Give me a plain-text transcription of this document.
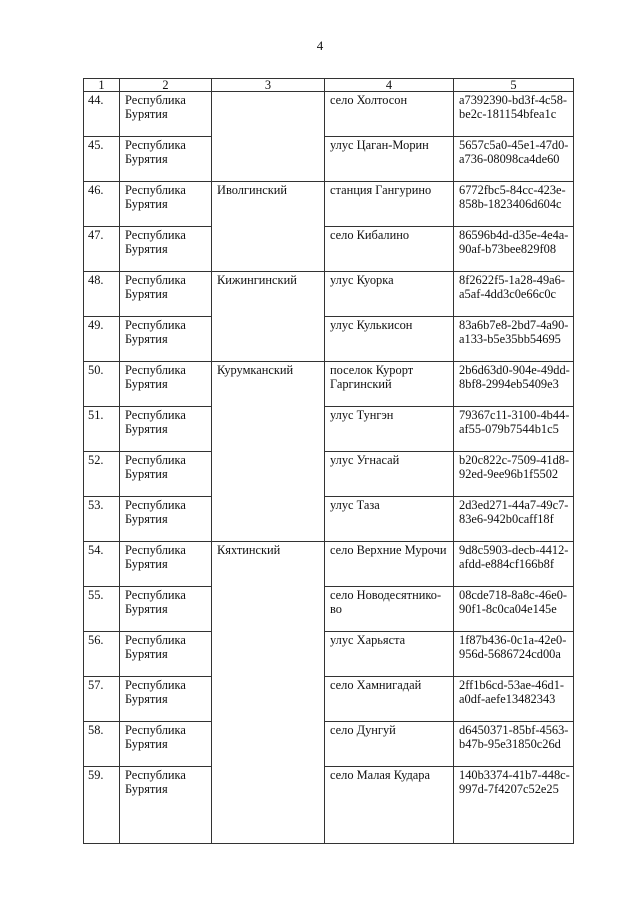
4
1	2	3	4	5
44.	Республика Бурятия		село Холтосон	a7392390-bd3f-4c58-be2c-181154bfea1c
45.	Республика Бурятия		улус Цаган-Морин	5657c5a0-45e1-47d0-a736-08098ca4de60
46.	Республика Бурятия	Иволгинский	станция Гангурино	6772fbc5-84cc-423e-858b-1823406d604c
47.	Республика Бурятия		село Кибалино	86596b4d-d35e-4e4a-90af-b73bee829f08
48.	Республика Бурятия	Кижингинский	улус Куорка	8f2622f5-1a28-49a6-a5af-4dd3c0e66c0c
49.	Республика Бурятия		улус Кулькисон	83a6b7e8-2bd7-4a90-a133-b5e35bb54695
50.	Республика Бурятия	Курумканский	поселок Курорт Гаргинский	2b6d63d0-904e-49dd-8bf8-2994eb5409e3
51.	Республика Бурятия		улус Тунгэн	79367c11-3100-4b44-af55-079b7544b1c5
52.	Республика Бурятия		улус Угнасай	b20c822c-7509-41d8-92ed-9ee96b1f5502
53.	Республика Бурятия		улус Таза	2d3ed271-44a7-49c7-83e6-942b0caff18f
54.	Республика Бурятия	Кяхтинский	село Верхние Мурочи	9d8c5903-decb-4412-afdd-e884cf166b8f
55.	Республика Бурятия		село Новодесятнико-во	08cde718-8a8c-46e0-90f1-8c0ca04e145e
56.	Республика Бурятия		улус Харьяста	1f87b436-0c1a-42e0-956d-5686724cd00a
57.	Республика Бурятия		село Хамнигадай	2ff1b6cd-53ae-46d1-a0df-aefe13482343
58.	Республика Бурятия		село Дунгуй	d6450371-85bf-4563-b47b-95e31850c26d
59.	Республика Бурятия		село Малая Кудара	140b3374-41b7-448c-997d-7f4207c52e25
